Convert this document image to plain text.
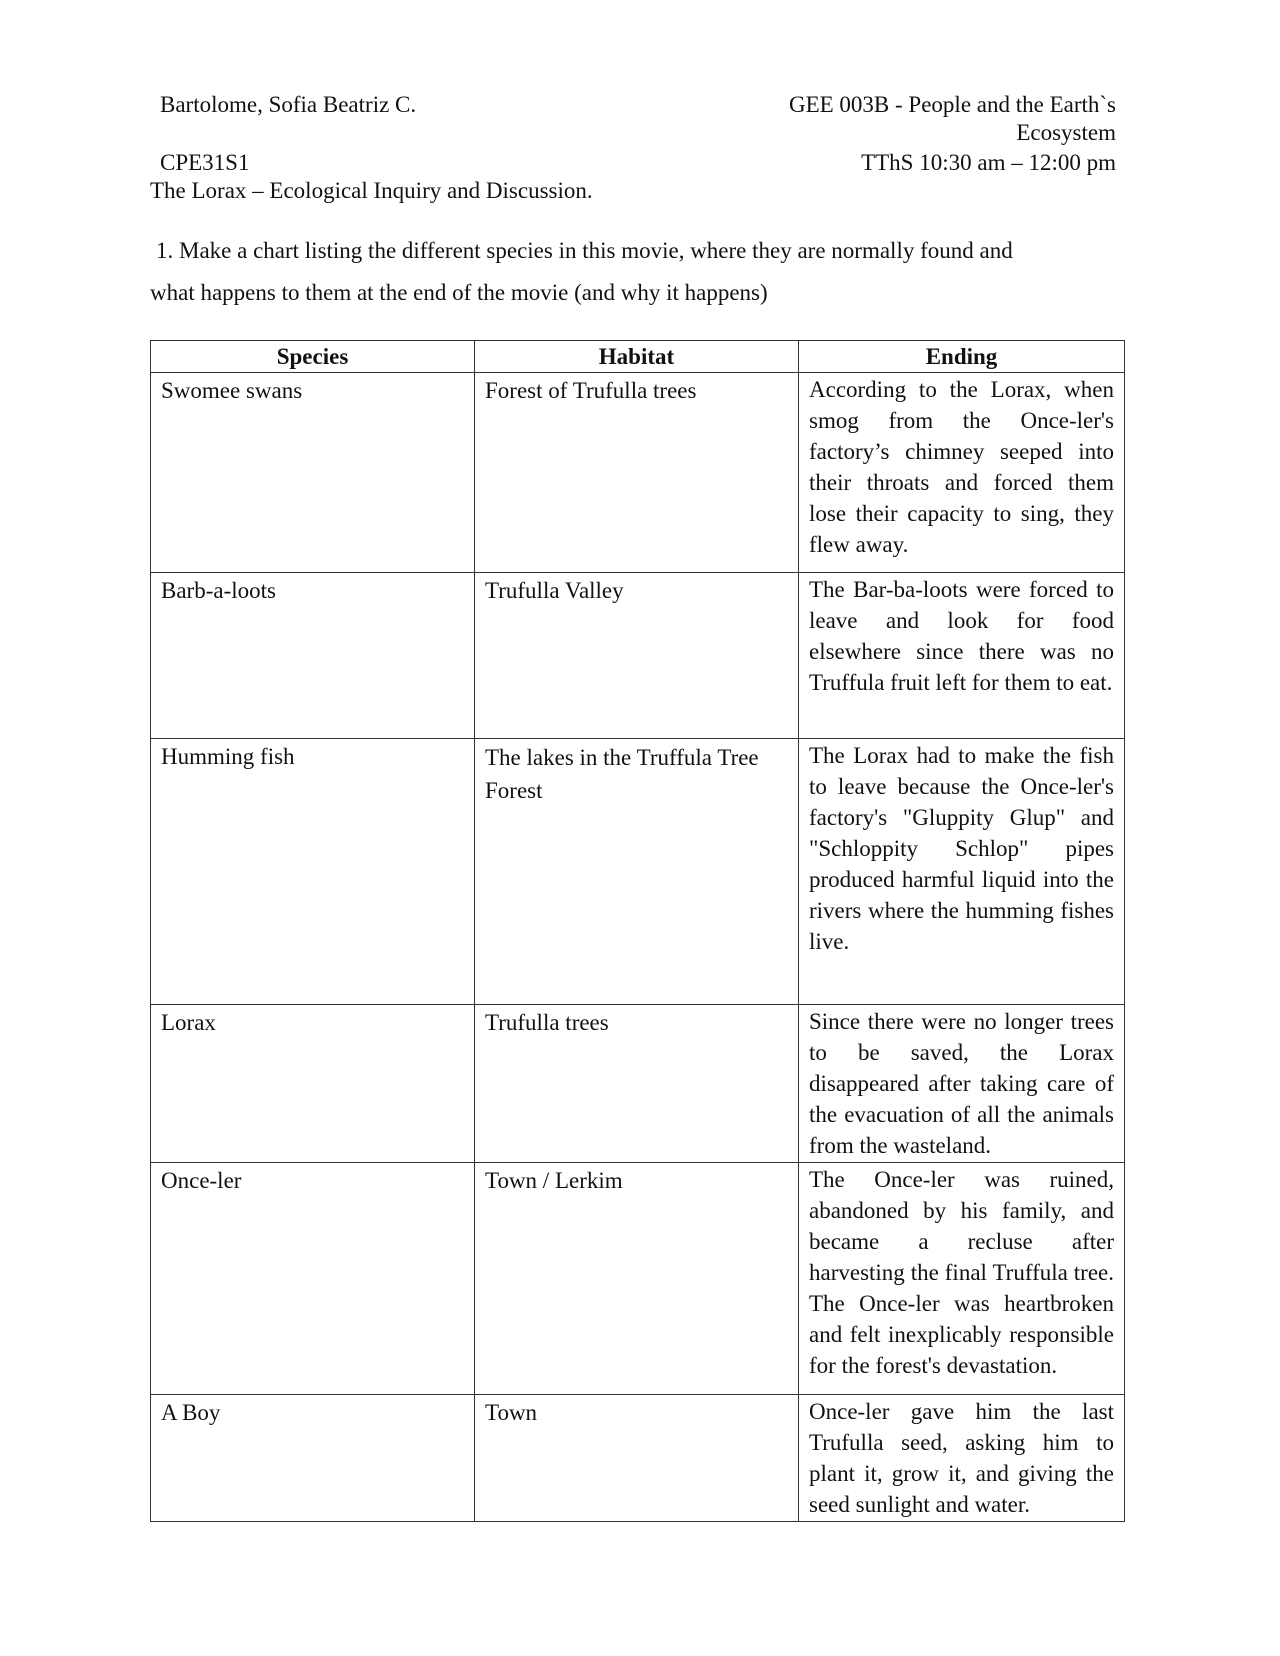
Bartolome, Sofia Beatriz C.
CPE31S1
The Lorax – Ecological Inquiry and Discussion.
GEE 003B - People and the Earth`s
Ecosystem
TThS 10:30 am – 12:00 pm
1. Make a chart listing the different species in this movie, where they are normally found and
what happens to them at the end of the movie (and why it happens)
Species	Habitat	Ending
Swomee swans	Forest of Trufulla trees	According to the Lorax, when smog from the Once-ler's factory’s chimney seeped into their throats and forced them lose their capacity to sing, they flew away.
Barb-a-loots	Trufulla Valley	The Bar-ba-loots were forced to leave and look for food elsewhere since there was no Truffula fruit left for them to eat.
Humming fish	The lakes in the Truffula Tree Forest	The Lorax had to make the fish to leave because the Once-ler's factory's "Gluppity Glup" and "Schloppity Schlop" pipes produced harmful liquid into the rivers where the humming fishes live.
Lorax	Trufulla trees	Since there were no longer trees to be saved, the Lorax disappeared after taking care of the evacuation of all the animals from the wasteland.
Once-ler	Town / Lerkim	The Once-ler was ruined, abandoned by his family, and became a recluse after harvesting the final Truffula tree. The Once-ler was heartbroken and felt inexplicably responsible for the forest's devastation.
A Boy	Town	Once-ler gave him the last Trufulla seed, asking him to plant it, grow it, and giving the seed sunlight and water.
